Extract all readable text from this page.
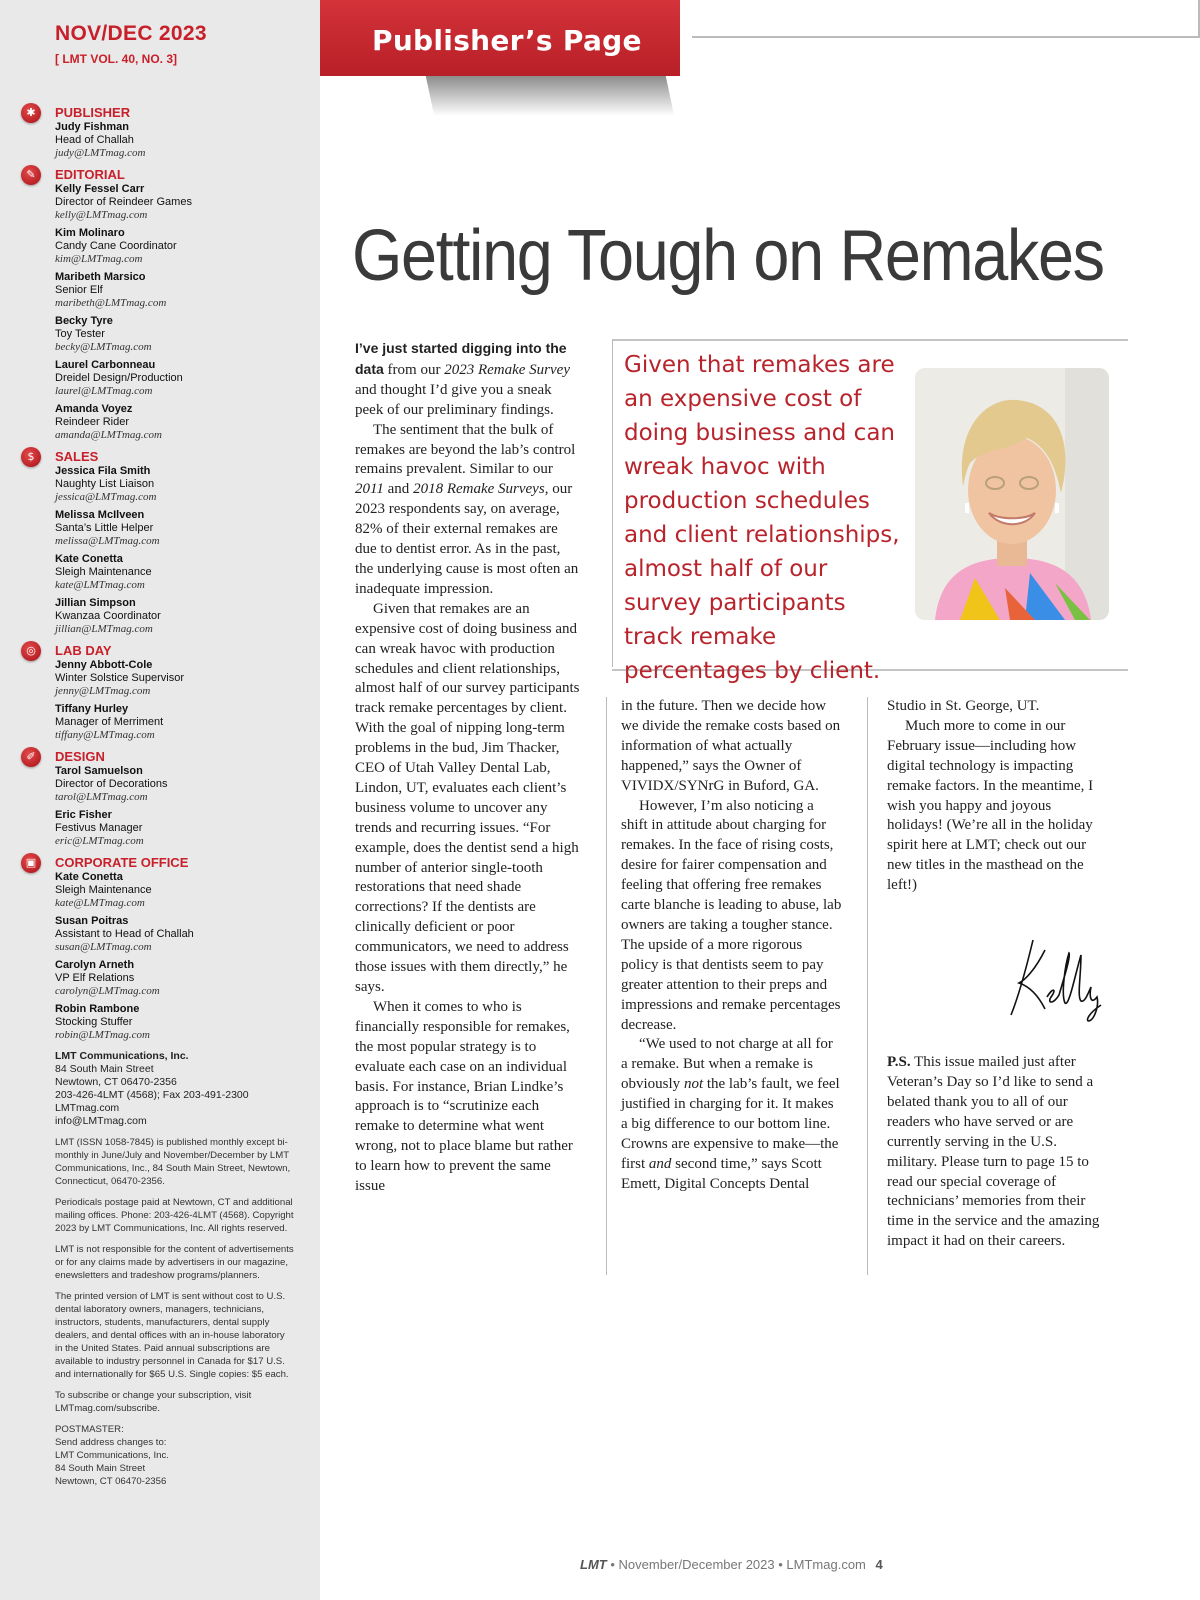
NOV/DEC 2023
[ LMT VOL. 40, NO. 3]
✱	PUBLISHER
Judy Fishman
Head of Challah
judy@LMTmag.com
✎	EDITORIAL
Kelly Fessel Carr
Director of Reindeer Games
kelly@LMTmag.com
Kim Molinaro
Candy Cane Coordinator
kim@LMTmag.com
Maribeth Marsico
Senior Elf
maribeth@LMTmag.com
Becky Tyre
Toy Tester
becky@LMTmag.com
Laurel Carbonneau
Dreidel Design/Production
laurel@LMTmag.com
Amanda Voyez
Reindeer Rider
amanda@LMTmag.com
$	SALES
Jessica Fila Smith
Naughty List Liaison
jessica@LMTmag.com
Melissa McIlveen
Santa’s Little Helper
melissa@LMTmag.com
Kate Conetta
Sleigh Maintenance
kate@LMTmag.com
Jillian Simpson
Kwanzaa Coordinator
jillian@LMTmag.com
◎	LAB DAY
Jenny Abbott-Cole
Winter Solstice Supervisor
jenny@LMTmag.com
Tiffany Hurley
Manager of Merriment
tiffany@LMTmag.com
✐	DESIGN
Tarol Samuelson
Director of Decorations
tarol@LMTmag.com
Eric Fisher
Festivus Manager
eric@LMTmag.com
▣	CORPORATE OFFICE
Kate Conetta
Sleigh Maintenance
kate@LMTmag.com
Susan Poitras
Assistant to Head of Challah
susan@LMTmag.com
Carolyn Arneth
VP Elf Relations
carolyn@LMTmag.com
Robin Rambone
Stocking Stuffer
robin@LMTmag.com
LMT Communications, Inc.
84 South Main Street
Newtown, CT 06470-2356
203-426-4LMT (4568); Fax 203-491-2300
LMTmag.com
info@LMTmag.com
LMT (ISSN 1058-7845) is published monthly except bi-monthly in June/July and November/December by LMT Communications, Inc., 84 South Main Street, Newtown, Connecticut, 06470-2356.
Periodicals postage paid at Newtown, CT and additional mailing offices. Phone: 203-426-4LMT (4568). Copyright 2023 by LMT Communications, Inc. All rights reserved.
LMT is not responsible for the content of advertisements or for any claims made by advertisers in our magazine, enewsletters and tradeshow programs/planners.
The printed version of LMT is sent without cost to U.S. dental laboratory owners, managers, technicians, instructors, students, manufacturers, dental supply dealers, and dental offices with an in-house laboratory in the United States. Paid annual subscriptions are available to industry personnel in Canada for $17 U.S. and internationally for $65 U.S. Single copies: $5 each.
To subscribe or change your subscription, visit LMTmag.com/subscribe.
POSTMASTER:
Send address changes to:
LMT Communications, Inc.
84 South Main Street
Newtown, CT 06470-2356
Publisher’s Page
Getting Tough on Remakes

I’ve just started digging into the data from our 2023 Remake Survey and thought I’d give you a sneak peek of our preliminary findings.

The sentiment that the bulk of remakes are beyond the lab’s control remains prevalent. Similar to our 2011 and 2018 Remake Surveys, our 2023 respondents say, on average, 82% of their external remakes are due to dentist error. As in the past, the underlying cause is most often an inadequate impression.

Given that remakes are an expensive cost of doing business and can wreak havoc with production schedules and client relationships, almost half of our survey participants track remake percentages by client. With the goal of nipping long-term problems in the bud, Jim Thacker, CEO of Utah Valley Dental Lab, Lindon, UT, evaluates each client’s business volume to uncover any trends and recurring issues. “For example, does the dentist send a high number of anterior single-tooth restorations that need shade corrections? If the dentists are clinically deficient or poor communicators, we need to address those issues with them directly,” he says.

When it comes to who is financially responsible for remakes, the most popular strategy is to evaluate each case on an individual basis. For instance, Brian Lindke’s approach is to “scrutinize each remake to determine what went wrong, not to place blame but rather to learn how to prevent the same issue

Given that remakes are an expensive cost of doing business and can wreak havoc with production schedules and client relationships, almost half of our survey participants track remake percentages by client.

in the future. Then we decide how we divide the remake costs based on information of what actually happened,” says the Owner of VIVIDX/SYNrG in Buford, GA.

However, I’m also noticing a shift in attitude about charging for remakes. In the face of rising costs, desire for fairer compensation and feeling that offering free remakes carte blanche is leading to abuse, lab owners are taking a tougher stance. The upside of a more rigorous policy is that dentists seem to pay greater attention to their preps and impressions and remake percentages decrease.

“We used to not charge at all for a remake. But when a remake is obviously not the lab’s fault, we feel justified in charging for it. It makes a big difference to our bottom line. Crowns are expensive to make—the first and second time,” says Scott Emett, Digital Concepts Dental

Studio in St. George, UT.

Much more to come in our February issue—including how digital technology is impacting remake factors. In the meantime, I wish you happy and joyous holidays! (We’re all in the holiday spirit here at LMT; check out our new titles in the masthead on the left!)

P.S. This issue mailed just after Veteran’s Day so I’d like to send a belated thank you to all of our readers who have served or are currently serving in the U.S. military. Please turn to page 15 to read our special coverage of technicians’ memories from their time in the service and the amazing impact it had on their careers.

LMT • November/December 2023 • LMTmag.com 4
